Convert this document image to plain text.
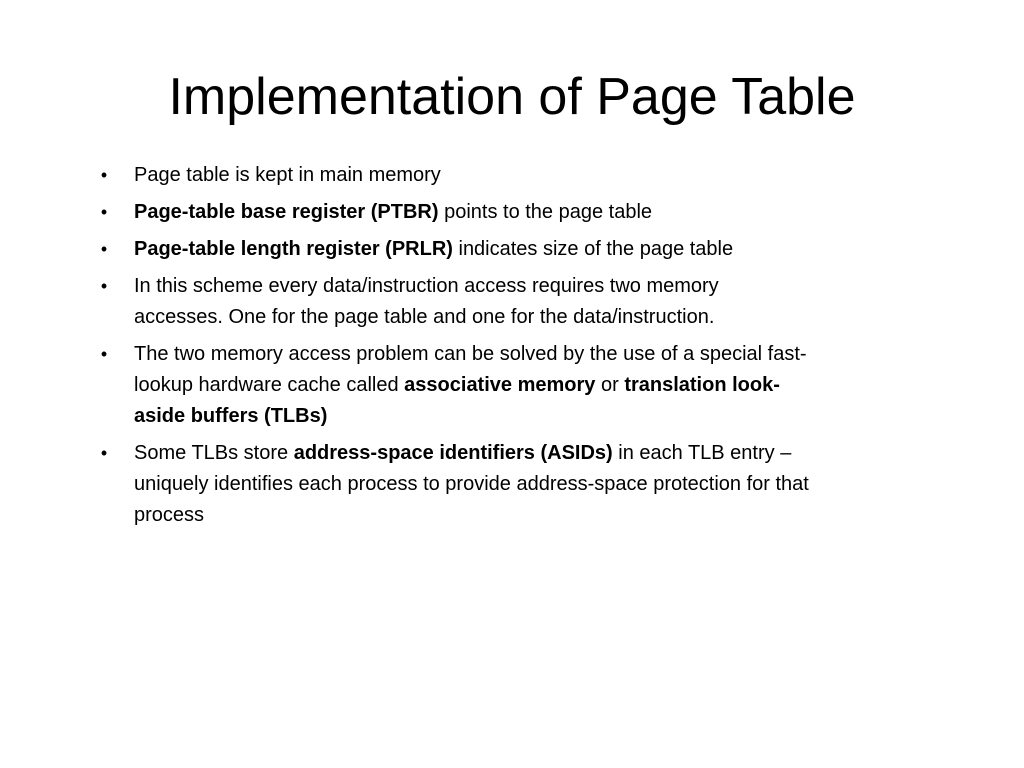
Implementation of Page Table
• Page table is kept in main memory
• Page-table base register (PTBR) points to the page table
• Page-table length register (PRLR) indicates size of the page table
• In this scheme every data/instruction access requires two memory accesses. One for the page table and one for the data/instruction.
• The two memory access problem can be solved by the use of a special fast-lookup hardware cache called associative memory or translation look-aside buffers (TLBs)
• Some TLBs store address-space identifiers (ASIDs) in each TLB entry – uniquely identifies each process to provide address-space protection for that process
